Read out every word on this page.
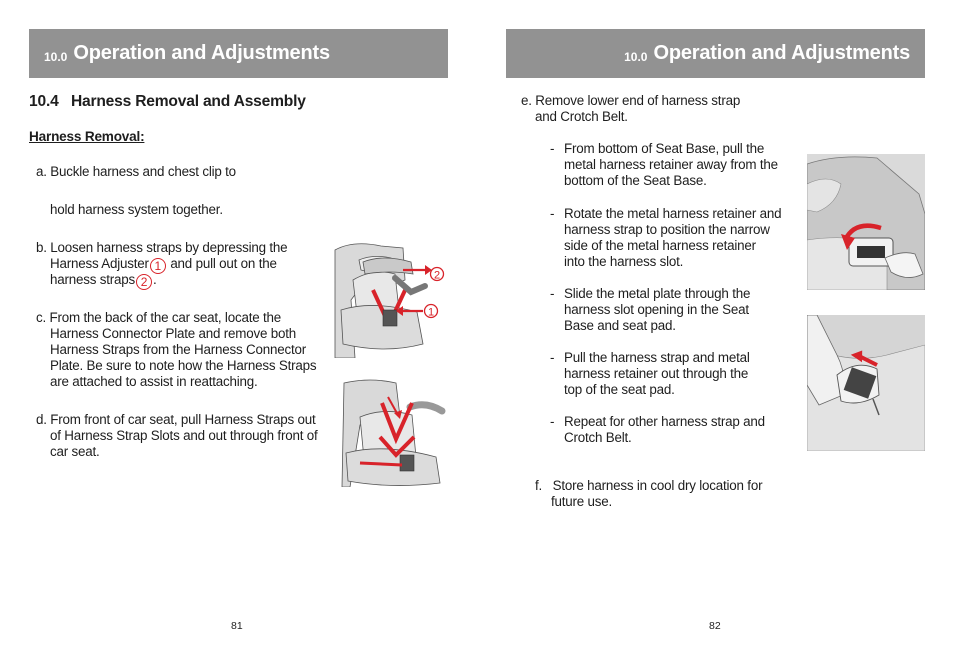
10.0 Operation and Adjustments
10.4   Harness Removal and Assembly
Harness Removal:
a. Buckle harness and chest clip to
hold harness system together.
b. Loosen harness straps by depressing the
Harness Adjuster 1 and pull out on the
harness straps 2 .
c. From the back of the car seat, locate the
Harness Connector Plate and remove both
Harness Straps from the Harness Connector
Plate. Be sure to note how the Harness Straps
are attached to assist in reattaching.
d. From front of car seat, pull Harness Straps out
of Harness Strap Slots and out through front of
car seat.
2
1
81
10.0 Operation and Adjustments
e. Remove lower end of harness strap
and Crotch Belt.
- From bottom of Seat Base, pull the
metal harness retainer away from the
bottom of the Seat Base.
- Rotate the metal harness retainer and
harness strap to position the narrow
side of the metal harness retainer
into the harness slot.
- Slide the metal plate through the
harness slot opening in the Seat
Base and seat pad.
- Pull the harness strap and metal
harness retainer out through the
top of the seat pad.
- Repeat for other harness strap and
Crotch Belt.
f.   Store harness in cool dry location for
future use.
82
